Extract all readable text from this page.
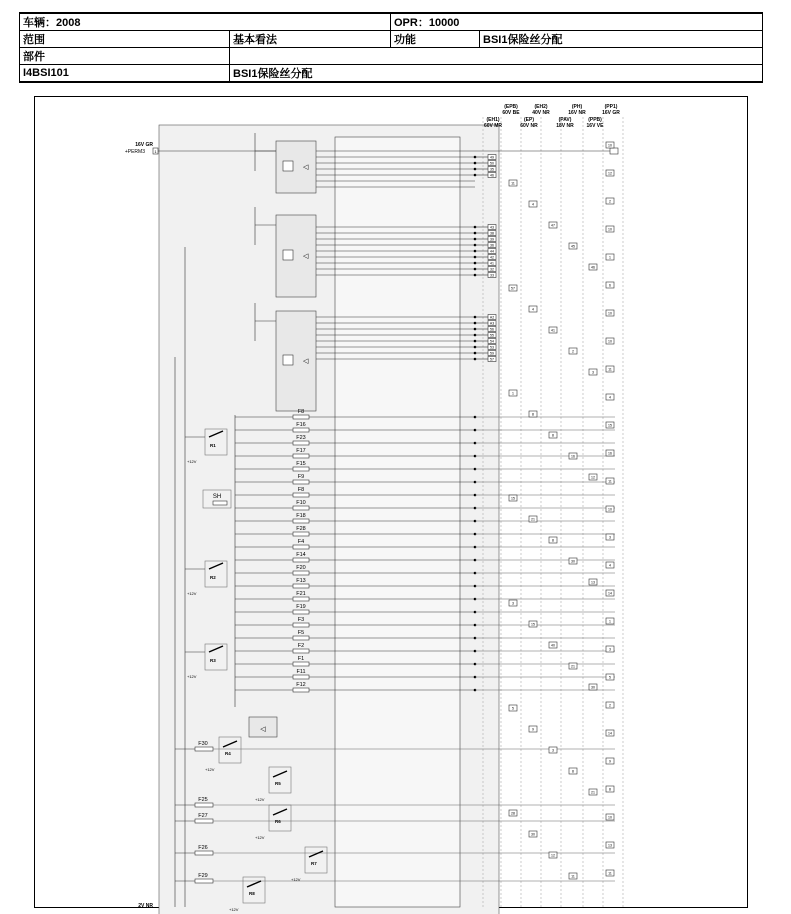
车辆：2008		OPR：10000	
范围	基本看法	功能	BSI1保险丝分配
部件			
I4BSI101	BSI1保险丝分配		
(EPB)
60V BE
(EH2)
40V NR
(PH)
16V NR
(PP1)
16V GR
(EH1)
60V MR
(EP)
60V NR
(PAV)
18V NR
(PPB)
16V VE
16V GR
+PERM3 1
◁
49
50
35
46
◁
43
38
39
36
44
42
41
32
33
◁
A2
A3
56
55
54
53
59
57
F8
F16
F23
F17
F15
F9
F8
F10
F18
F28
F4
F14
F20
F13
F21
F19
F3
F5
F2
F1
F11
F12
R1
+12V
R2
+12V
R3
+12V
SH
F30
F25
F27
F26
F29
R4
+12V
R5
+12V
R6
+12V
R7
+12V
R8
+12V
◁
2V NR
10
12
2
10
1
6
10
10
11
4
15
16
11
10
3
4
14
1
3
5
2
14
9
8
10
13
11
11
4
47
45
46
57
4
41
2
3
1
8
8
16
12
15
21
8
30
13
3
15
40
21
30
5
9
3
8
21
28
30
12
11
